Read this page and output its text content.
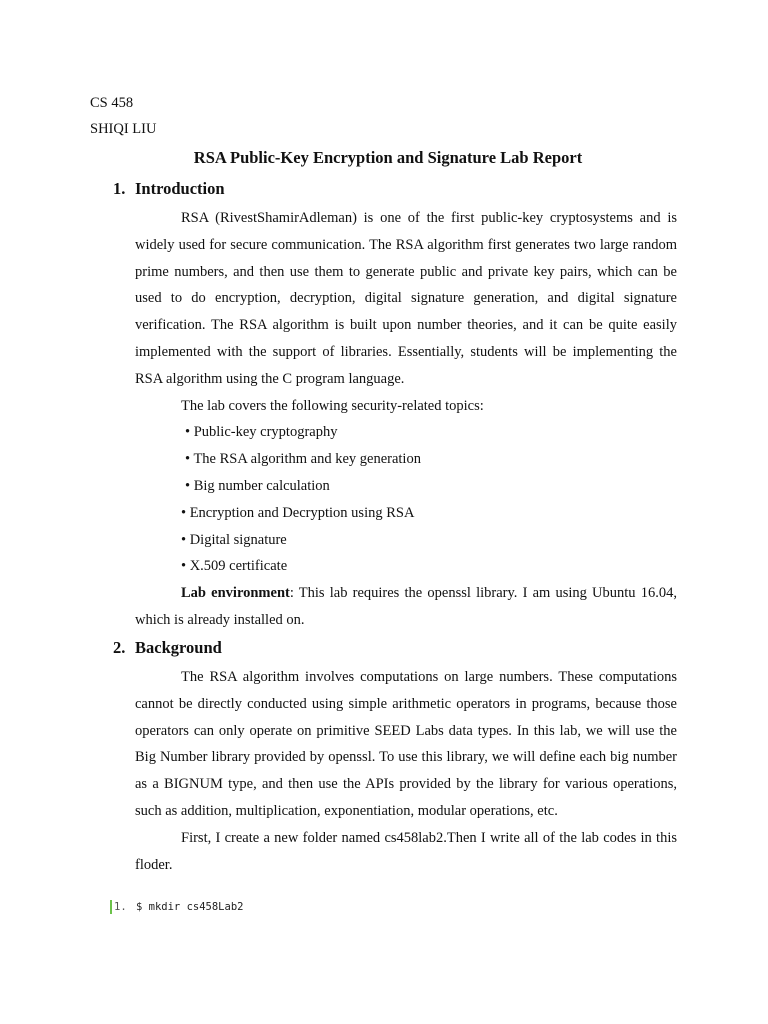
CS 458
SHIQI LIU
RSA Public-Key Encryption and Signature Lab Report
1. Introduction

RSA (RivestShamirAdleman) is one of the first public-key cryptosystems and is widely used for secure communication. The RSA algorithm first generates two large random prime numbers, and then use them to generate public and private key pairs, which can be used to do encryption, decryption, digital signature generation, and digital signature verification. The RSA algorithm is built upon number theories, and it can be quite easily implemented with the support of libraries. Essentially, students will be implementing the RSA algorithm using the C program language.

The lab covers the following security-related topics:

• Public-key cryptography
• The RSA algorithm and key generation
• Big number calculation
• Encryption and Decryption using RSA
• Digital signature
• X.509 certificate

Lab environment: This lab requires the openssl library. I am using Ubuntu 16.04, which is already installed on.

2. Background

The RSA algorithm involves computations on large numbers. These computations cannot be directly conducted using simple arithmetic operators in programs, because those operators can only operate on primitive SEED Labs data types. In this lab, we will use the Big Number library provided by openssl. To use this library, we will define each big number as a BIGNUM type, and then use the APIs provided by the library for various operations, such as addition, multiplication, exponentiation, modular operations, etc.

First, I create a new folder named cs458lab2.Then I write all of the lab codes in this floder.

1. $ mkdir cs458Lab2
